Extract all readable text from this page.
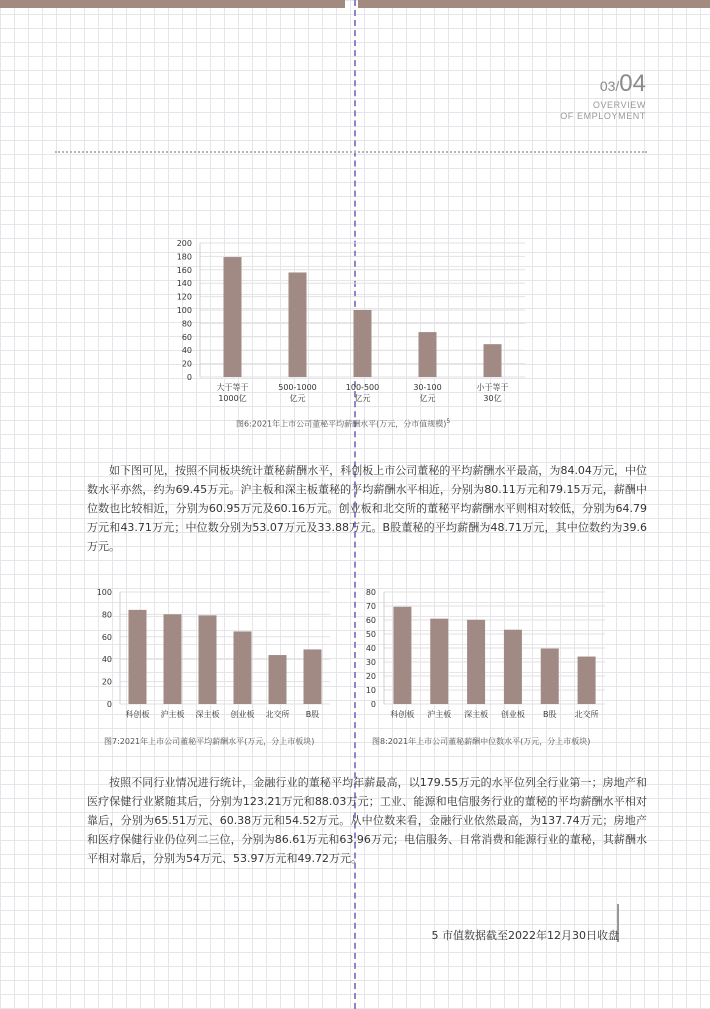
03/04
OVERVIEW
OF EMPLOYMENT
0
20
40
60
80
100
120
140
160
180
200
大于等于 1000亿
500-1000 亿元
100-500 亿元
30-100 亿元
小于等于 30亿
图6:2021年上市公司董秘平均薪酬水平(万元，分市值规模)$^5$

如下图可见，按照不同板块统计董秘薪酬水平，科创板上市公司董秘的平均薪酬水平最高，为84.04万元，中位数水平亦然，约为69.45万元。沪主板和深主板董秘的平均薪酬水平相近，分别为80.11万元和79.15万元，薪酬中位数也比较相近，分别为60.95万元及60.16万元。创业板和北交所的董秘平均薪酬水平则相对较低，分别为64.79万元和43.71万元；中位数分别为53.07万元及33.88万元。B股董秘的平均薪酬为48.71万元，其中位数约为39.6万元。

0
20
40
60
80
100
科创板 沪主板 深主板 创业板 北交所 B股
图7:2021年上市公司董秘平均薪酬水平(万元，分上市板块)
0
10
20
30
40
50
60
70
80
科创板 沪主板 深主板 创业板 B股 北交所
图8:2021年上市公司董秘薪酬中位数水平(万元，分上市板块)

按照不同行业情况进行统计，金融行业的董秘平均年薪最高，以179.55万元的水平位列全行业第一；房地产和医疗保健行业紧随其后，分别为123.21万元和88.03万元；工业、能源和电信服务行业的董秘的平均薪酬水平相对靠后，分别为65.51万元、60.38万元和54.52万元。从中位数来看，金融行业依然最高，为137.74万元；房地产和医疗保健行业仍位列二三位，分别为86.61万元和63.96万元；电信服务、日常消费和能源行业的董秘，其薪酬水平相对靠后，分别为54万元、53.97万元和49.72万元。

5 市值数据截至2022年12月30日收盘
